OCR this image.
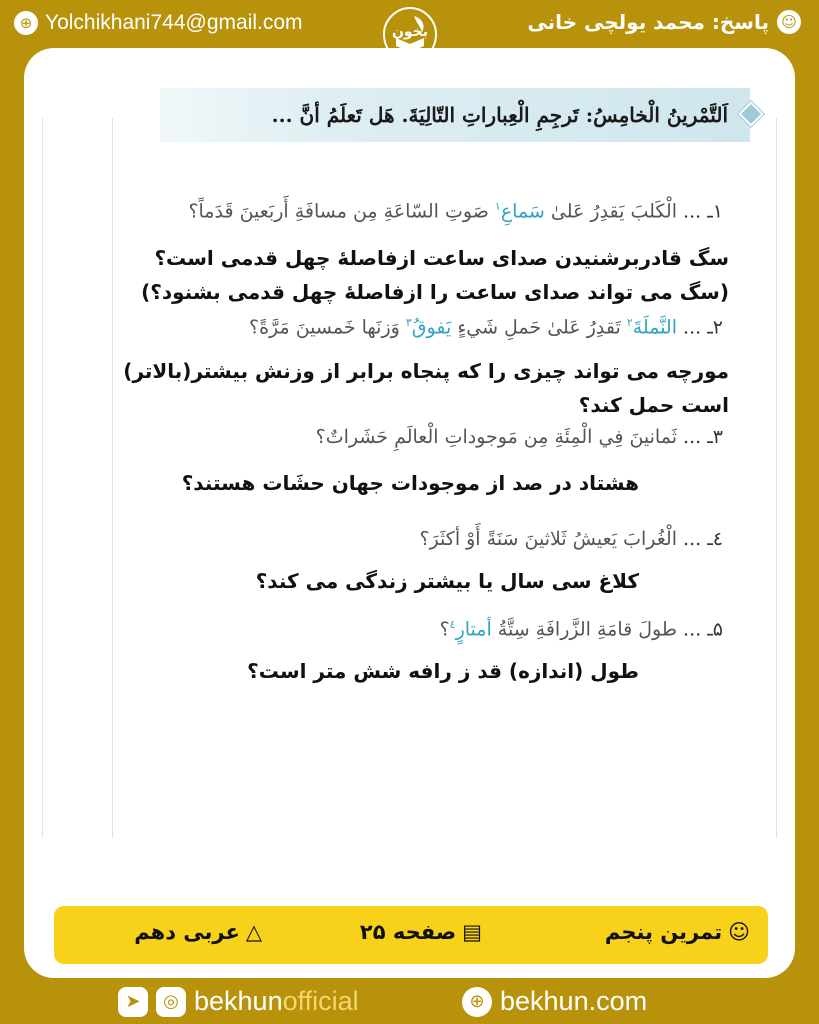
⊕ Yolchikhani744@gmail.com	بخون
☺
پاسخ: محمد یولچی خانی
اَلتَّمْرينُ الْخامِسُ: تَرجِمِ الْعِباراتِ التّالِيَةَ. هَل تَعلَمُ أنَّ ...
۱ـ ... الْكَلبَ يَقدِرُ عَلیٰ سَماعِ$^۱$ صَوتِ السّاعَةِ مِن مسافَةِ أَربَعينَ قَدَماً؟
سگ قادربرشنیدن صدای ساعت ازفاصلهٔ چهل قدمی است؟ (سگ می تواند صدای ساعت را ازفاصلهٔ چهل قدمی بشنود؟)
۲ـ ... النَّملَةَ$^۲$ تَقدِرُ عَلیٰ حَملِ شَيءٍ يَفوقُ$^۳$ وَزنَها خَمسينَ مَرَّةً؟
مورچه می تواند چیزی را که پنجاه برابر از وزنش بیشتر(بالاتر) است حمل کند؟
۳ـ ... ثَمانينَ فِي الْمِئَةِ مِن مَوجوداتِ الْعالَمِ حَشَراتٌ؟
هشتاد در صد از موجودات جهان حشَات هستند؟
٤ـ ... الْغُرابَ يَعيشُ ثَلاثينَ سَنَةً أَوْ أكثَرَ؟
کلاغ سی سال یا بیشتر زندگی می کند؟
۵ـ ... طولَ قامَةِ الزَّرافَةِ سِتَّةُ أمتارٍ$^٤$؟
طول (اندازه) قد ز رافه شش متر است؟
☺
تمرین پنجم
▤
صفحه ۲۵
△
عربی دهم
➤	◎ bekhunofficial	⊕ bekhun.com
